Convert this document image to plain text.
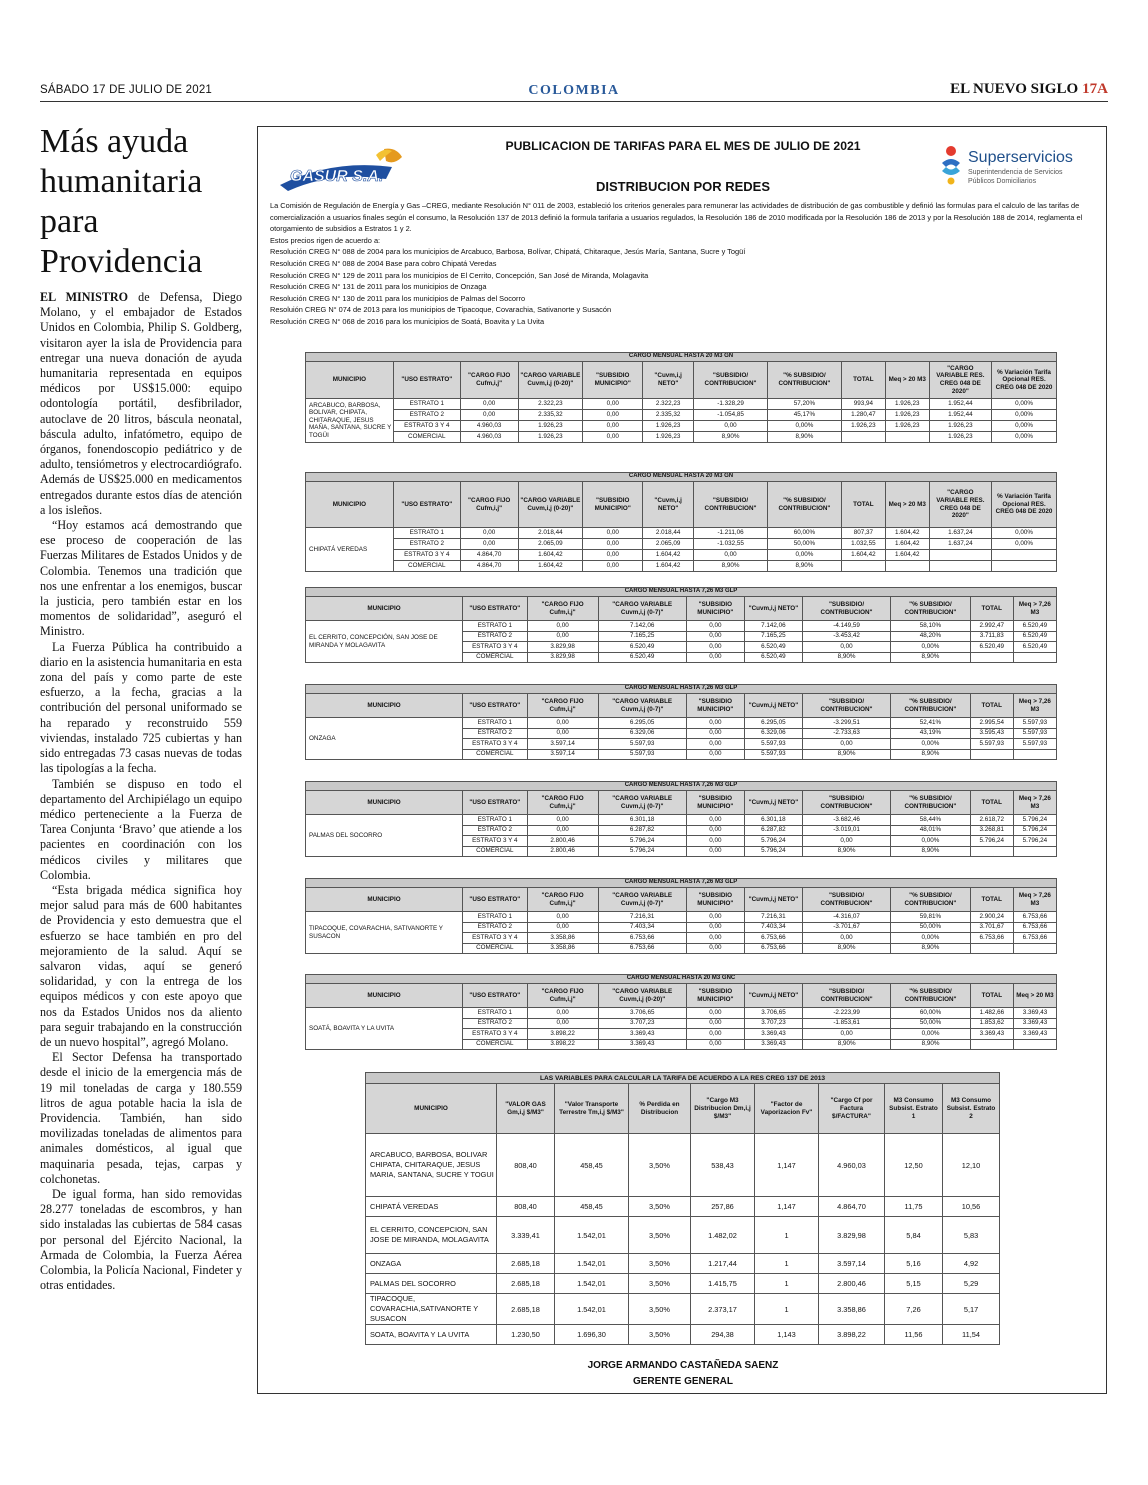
SÁBADO 17 DE JULIO DE 2021	COLOMBIA	EL NUEVO SIGLO 17A
Más ayuda humanitaria para Providencia

EL MINISTRO de Defensa, Diego Molano, y el embajador de Estados Unidos en Colombia, Philip S. Goldberg, visitaron ayer la isla de Providencia para entregar una nueva donación de ayuda humanitaria representada en equipos médicos por US$15.000: equipo odontología portátil, desfibrilador, autoclave de 20 litros, báscula neonatal, báscula adulto, infatómetro, equipo de órganos, fonendoscopio pediátrico y de adulto, tensiómetros y electrocardiógrafo. Además de US$25.000 en medicamentos entregados durante estos días de atención a los isleños.

“Hoy estamos acá demostrando que ese proceso de cooperación de las Fuerzas Militares de Estados Unidos y de Colombia. Tenemos una tradición que nos une enfrentar a los enemigos, buscar la justicia, pero también estar en los momentos de solidaridad”, aseguró el Ministro.

La Fuerza Pública ha contribuido a diario en la asistencia humanitaria en esta zona del país y como parte de este esfuerzo, a la fecha, gracias a la contribución del personal uniformado se ha reparado y reconstruido 559 viviendas, instalado 725 cubiertas y han sido entregadas 73 casas nuevas de todas las tipologías a la fecha.

También se dispuso en todo el departamento del Archipiélago un equipo médico perteneciente a la Fuerza de Tarea Conjunta ‘Bravo’ que atiende a los pacientes en coordinación con los médicos civiles y militares que Colombia.

“Esta brigada médica significa hoy mejor salud para más de 600 habitantes de Providencia y esto demuestra que el esfuerzo se hace también en pro del mejoramiento de la salud. Aquí se salvaron vidas, aquí se generó solidaridad, y con la entrega de los equipos médicos y con este apoyo que nos da Estados Unidos nos da aliento para seguir trabajando en la construcción de un nuevo hospital”, agregó Molano.

El Sector Defensa ha transportado desde el inicio de la emergencia más de 19 mil toneladas de carga y 180.559 litros de agua potable hacia la isla de Providencia. También, han sido movilizadas toneladas de alimentos para animales domésticos, al igual que maquinaria pesada, tejas, carpas y colchonetas.

De igual forma, han sido removidas 28.277 toneladas de escombros, y han sido instaladas las cubiertas de 584 casas por personal del Ejército Nacional, la Armada de Colombia, la Fuerza Aérea Colombia, la Policía Nacional, Findeter y otras entidades.

GASUR S.A.
PUBLICACION DE TARIFAS PARA EL MES DE JULIO DE 2021
DISTRIBUCION POR REDES
Superservicios
Superintendencia de Servicios
Públicos Domiciliarios
La Comisión de Regulación de Energía y Gas –CREG, mediante Resolución N° 011 de 2003, estableció los criterios generales para remunerar las actividades de distribución de gas combustible y definió las formulas para el calculo de las tarifas de comercialización a usuarios finales según el consumo, la Resolución 137 de 2013 definió la formula tarifaria a usuarios regulados, la Resolución 186 de 2010 modificada por la Resolución 186 de 2013 y por la Resolución 188 de 2014, reglamenta el otorgamiento de subsidios a Estratos 1 y 2.
Estos precios rigen de acuerdo a:
Resolución CREG N° 088 de 2004 para los municipios de Arcabuco, Barbosa, Bolívar, Chipatá, Chitaraque, Jesús María, Santana, Sucre y Togüí
Resolución CREG N° 088 de 2004 Base para cobro Chipatá Veredas
Resolución CREG N° 129 de 2011 para los municipios de El Cerrito, Concepción, San José de Miranda, Molagavita
Resolución CREG N° 131 de 2011 para los municipios de Onzaga
Resolución CREG N° 130 de 2011 para los municipios de Palmas del Socorro
Resoluión CREG N° 074 de 2013 para los municipios de Tipacoque, Covarachia, Sativanorte y Susacón
Resolución CREG N° 068 de 2016 para los municipios de Soatá, Boavita y La Uvita
JORGE ARMANDO CASTAÑEDA SAENZ
GERENTE GENERAL
CARGO MENSUAL HASTA 20 M3 GN											
MUNICIPIO	"USO ESTRATO"	"CARGO FIJO Cufm,i,j"	"CARGO VARIABLE Cuvm,i,j (0-20)"	"SUBSIDIO MUNICIPIO"	"Cuvm,i,j NETO"	"SUBSIDIO/ CONTRIBUCION"	"% SUBSIDIO/ CONTRIBUCION"	TOTAL	Meq > 20 M3	"CARGO VARIABLE RES. CREG 048 DE 2020"	% Variación Tarifa Opcional RES. CREG 048 DE 2020
ARCABUCO, BARBOSA, BOLIVAR, CHIPATA, CHITARAQUE, JESUS MAÑA, SANTANA, SUCRE Y TOGÜI	ESTRATO 1	0,00	2.322,23	0,00	2.322,23	-1.328,29	57,20%	993,94	1.926,23	1.952,44	0,00%
	ESTRATO 2	0,00	2.335,32	0,00	2.335,32	-1.054,85	45,17%	1.280,47	1.926,23	1.952,44	0,00%
	ESTRATO 3 Y 4	4.960,03	1.926,23	0,00	1.926,23	0,00	0,00%	1.926,23	1.926,23	1.926,23	0,00%
	COMERCIAL	4.960,03	1.926,23	0,00	1.926,23	8,90%	8,90%			1.926,23	0,00%
CARGO MENSUAL HASTA 20 M3 GN											
MUNICIPIO	"USO ESTRATO"	"CARGO FIJO Cufm,i,j"	"CARGO VARIABLE Cuvm,i,j (0-20)"	"SUBSIDIO MUNICIPIO"	"Cuvm,i,j NETO"	"SUBSIDIO/ CONTRIBUCION"	"% SUBSIDIO/ CONTRIBUCION"	TOTAL	Meq > 20 M3	"CARGO VARIABLE RES. CREG 048 DE 2020"	% Variación Tarifa Opcional RES. CREG 048 DE 2020
CHIPATÁ VEREDAS	ESTRATO 1	0,00	2.018,44	0,00	2.018,44	-1.211,06	60,00%	807,37	1.604,42	1.637,24	0,00%
	ESTRATO 2	0,00	2.065,09	0,00	2.065,09	-1.032,55	50,00%	1.032,55	1.604,42	1.637,24	0,00%
	ESTRATO 3 Y 4	4.864,70	1.604,42	0,00	1.604,42	0,00	0,00%	1.604,42	1.604,42		
	COMERCIAL	4.864,70	1.604,42	0,00	1.604,42	8,90%	8,90%				
CARGO MENSUAL HASTA 7,26 M3 GLP									
MUNICIPIO	"USO ESTRATO"	"CARGO FIJO Cufm,i,j"	"CARGO VARIABLE Cuvm,i,j (0-7)"	"SUBSIDIO MUNICIPIO"	"Cuvm,i,j NETO"	"SUBSIDIO/ CONTRIBUCION"	"% SUBSIDIO/ CONTRIBUCION"	TOTAL	Meq > 7,26 M3
EL CERRITO, CONCEPCIÓN, SAN JOSE DE MIRANDA Y MOLAGAVITA	ESTRATO 1	0,00	7.142,06	0,00	7.142,06	-4.149,59	58,10%	2.992,47	6.520,49
	ESTRATO 2	0,00	7.165,25	0,00	7.165,25	-3.453,42	48,20%	3.711,83	6.520,49
	ESTRATO 3 Y 4	3.829,98	6.520,49	0,00	6.520,49	0,00	0,00%	6.520,49	6.520,49
	COMERCIAL	3.829,98	6.520,49	0,00	6.520,49	8,90%	8,90%		
CARGO MENSUAL HASTA 7,26 M3 GLP									
MUNICIPIO	"USO ESTRATO"	"CARGO FIJO Cufm,i,j"	"CARGO VARIABLE Cuvm,i,j (0-7)"	"SUBSIDIO MUNICIPIO"	"Cuvm,i,j NETO"	"SUBSIDIO/ CONTRIBUCION"	"% SUBSIDIO/ CONTRIBUCION"	TOTAL	Meq > 7,26 M3
ONZAGA	ESTRATO 1	0,00	6.295,05	0,00	6.295,05	-3.299,51	52,41%	2.995,54	5.597,93
	ESTRATO 2	0,00	6.329,06	0,00	6.329,06	-2.733,63	43,19%	3.595,43	5.597,93
	ESTRATO 3 Y 4	3.597,14	5.597,93	0,00	5.597,93	0,00	0,00%	5.597,93	5.597,93
	COMERCIAL	3.597,14	5.597,93	0,00	5.597,93	8,90%	8,90%		
CARGO MENSUAL HASTA 7,26 M3 GLP									
MUNICIPIO	"USO ESTRATO"	"CARGO FIJO Cufm,i,j"	"CARGO VARIABLE Cuvm,i,j (0-7)"	"SUBSIDIO MUNICIPIO"	"Cuvm,i,j NETO"	"SUBSIDIO/ CONTRIBUCION"	"% SUBSIDIO/ CONTRIBUCION"	TOTAL	Meq > 7,26 M3
PALMAS DEL SOCORRO	ESTRATO 1	0,00	6.301,18	0,00	6.301,18	-3.682,46	58,44%	2.618,72	5.796,24
	ESTRATO 2	0,00	6.287,82	0,00	6.287,82	-3.019,01	48,01%	3.268,81	5.796,24
	ESTRATO 3 Y 4	2.800,46	5.796,24	0,00	5.796,24	0,00	0,00%	5.796,24	5.796,24
	COMERCIAL	2.800,46	5.796,24	0,00	5.796,24	8,90%	8,90%		
CARGO MENSUAL HASTA 7,26 M3 GLP									
MUNICIPIO	"USO ESTRATO"	"CARGO FIJO Cufm,i,j"	"CARGO VARIABLE Cuvm,i,j (0-7)"	"SUBSIDIO MUNICIPIO"	"Cuvm,i,j NETO"	"SUBSIDIO/ CONTRIBUCION"	"% SUBSIDIO/ CONTRIBUCION"	TOTAL	Meq > 7,26 M3
TIPACOQUE, COVARACHIA, SATIVANORTE Y SUSACON	ESTRATO 1	0,00	7.216,31	0,00	7.216,31	-4.316,07	59,81%	2.900,24	6.753,66
	ESTRATO 2	0,00	7.403,34	0,00	7.403,34	-3.701,67	50,00%	3.701,67	6.753,66
	ESTRATO 3 Y 4	3.358,86	6.753,66	0,00	6.753,66	0,00	0,00%	6.753,66	6.753,66
	COMERCIAL	3.358,86	6.753,66	0,00	6.753,66	8,90%	8,90%		
CARGO MENSUAL HASTA 20 M3 GNC									
MUNICIPIO	"USO ESTRATO"	"CARGO FIJO Cufm,i,j"	"CARGO VARIABLE Cuvm,i,j (0-20)"	"SUBSIDIO MUNICIPIO"	"Cuvm,i,j NETO"	"SUBSIDIO/ CONTRIBUCION"	"% SUBSIDIO/ CONTRIBUCION"	TOTAL	Meq > 20 M3
SOATÁ, BOAVITA Y LA UVITA	ESTRATO 1	0,00	3.706,65	0,00	3.706,65	-2.223,99	60,00%	1.482,66	3.369,43
	ESTRATO 2	0,00	3.707,23	0,00	3.707,23	-1.853,61	50,00%	1.853,62	3.369,43
	ESTRATO 3 Y 4	3.898,22	3.369,43	0,00	3.369,43	0,00	0,00%	3.369,43	3.369,43
	COMERCIAL	3.898,22	3.369,43	0,00	3.369,43	8,90%	8,90%		
LAS VARIABLES PARA CALCULAR LA TARIFA DE ACUERDO A LA RES CREG 137 DE 2013								
MUNICIPIO	"VALOR GAS Gm,i,j $/M3"	"Valor Transporte Terrestre Tm,i,j $/M3"	% Perdida en Distribucion	"Cargo M3 Distribucion Dm,i,j $/M3"	"Factor de Vaporizacion Fv"	"Cargo Cf por Factura $/FACTURA"	M3 Consumo Subsist. Estrato 1	M3 Consumo Subsist. Estrato 2
ARCABUCO, BARBOSA, BOLIVAR CHIPATA, CHITARAQUE, JESUS MARIA, SANTANA, SUCRE Y TOGUI	808,40	458,45	3,50%	538,43	1,147	4.960,03	12,50	12,10
CHIPATÁ VEREDAS	808,40	458,45	3,50%	257,86	1,147	4.864,70	11,75	10,56
EL CERRITO, CONCEPCION, SAN JOSE DE MIRANDA, MOLAGAVITA	3.339,41	1.542,01	3,50%	1.482,02	1	3.829,98	5,84	5,83
ONZAGA	2.685,18	1.542,01	3,50%	1.217,44	1	3.597,14	5,16	4,92
PALMAS DEL SOCORRO	2.685,18	1.542,01	3,50%	1.415,75	1	2.800,46	5,15	5,29
TIPACOQUE, COVARACHIA,SATIVANORTE Y SUSACON	2.685,18	1.542,01	3,50%	2.373,17	1	3.358,86	7,26	5,17
SOATA, BOAVITA Y LA UVITA	1.230,50	1.696,30	3,50%	294,38	1,143	3.898,22	11,56	11,54
